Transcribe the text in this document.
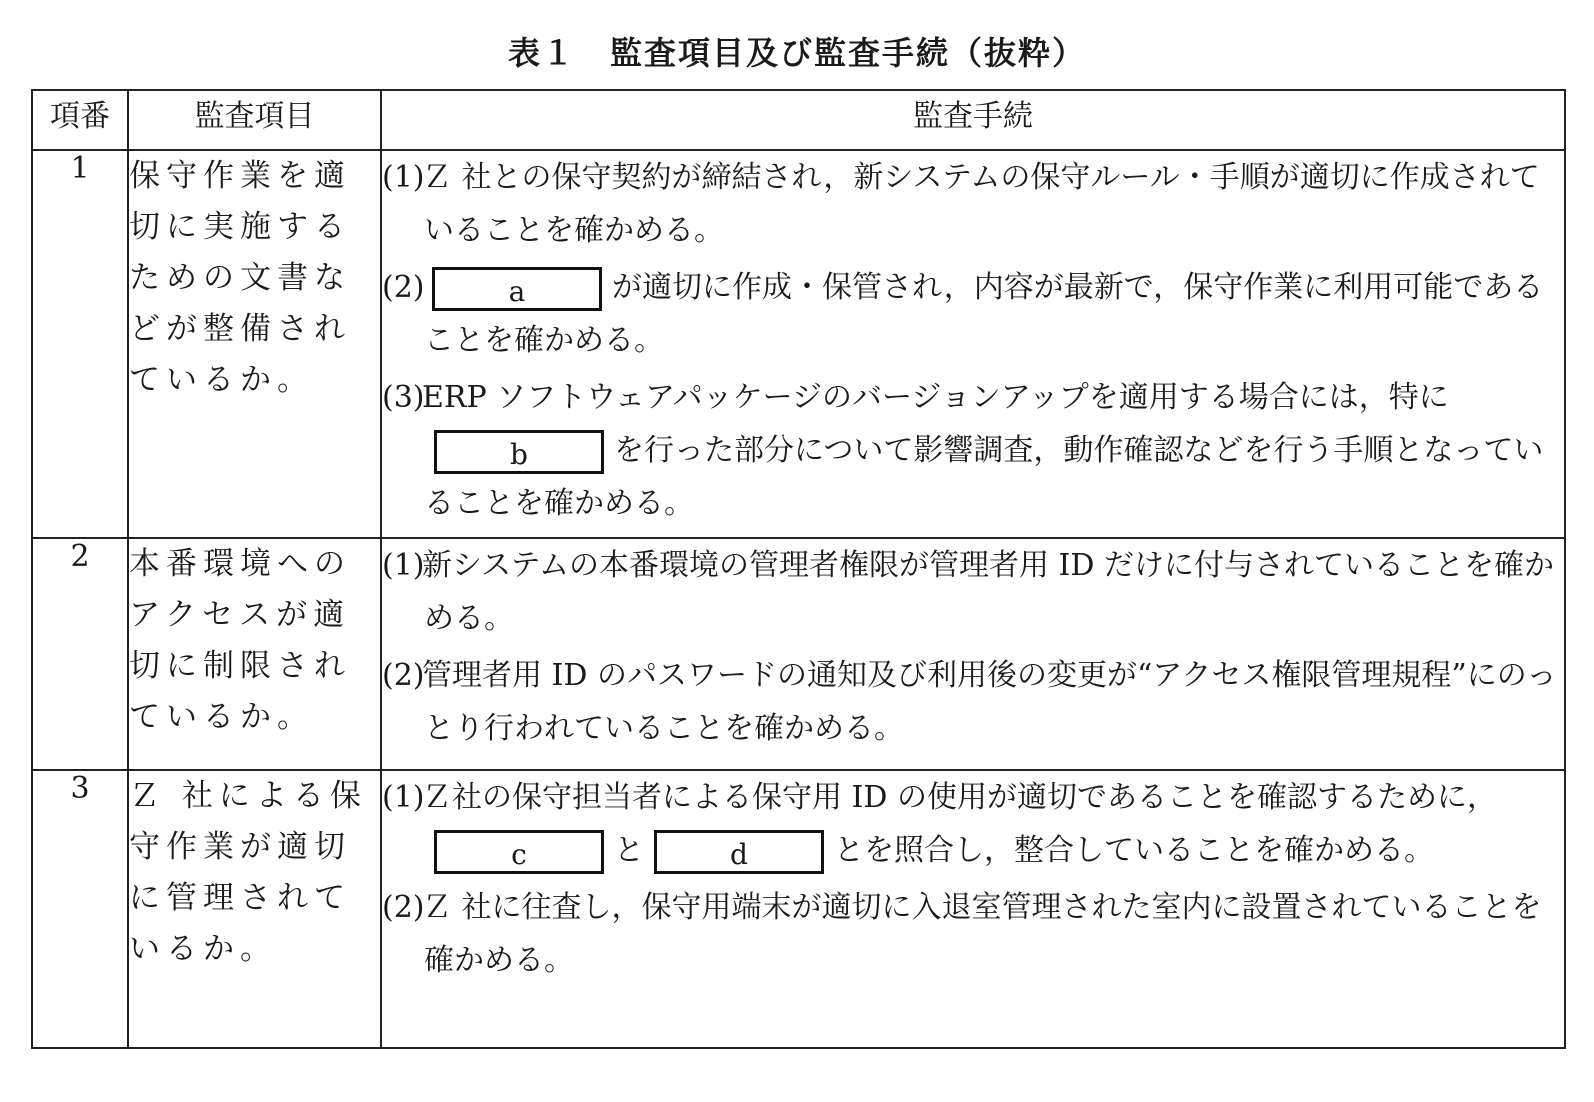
表１　監査項目及び監査手続（抜粋）
項番	監査項目	監査手続
1	保守作業を適切に実施するための文書などが整備されているか。	(1)Ｚ 社との保守契約が締結され，新システムの保守ルール・手順が適切に作成されていることを確かめる。
(2) a が適切に作成・保管され，内容が最新で，保守作業に利用可能であることを確かめる。
(3)ERP ソフトウェアパッケージのバージョンアップを適用する場合には，特にb を行った部分について影響調査，動作確認などを行う手順となっていることを確かめる。

2	本番環境へのアクセスが適切に制限されているか。	(1)新システムの本番環境の管理者権限が管理者用 ID だけに付与されていることを確かめる。
(2)管理者用 ID のパスワードの通知及び利用後の変更が“アクセス権限管理規程”にのっとり行われていることを確かめる。

3	Ｚ 社による保守作業が適切に管理されているか。	(1)Ｚ社の保守担当者による保守用 ID の使用が適切であることを確認するために，c と d とを照合し，整合していることを確かめる。
(2)Ｚ 社に往査し，保守用端末が適切に入退室管理された室内に設置されていることを確かめる。
